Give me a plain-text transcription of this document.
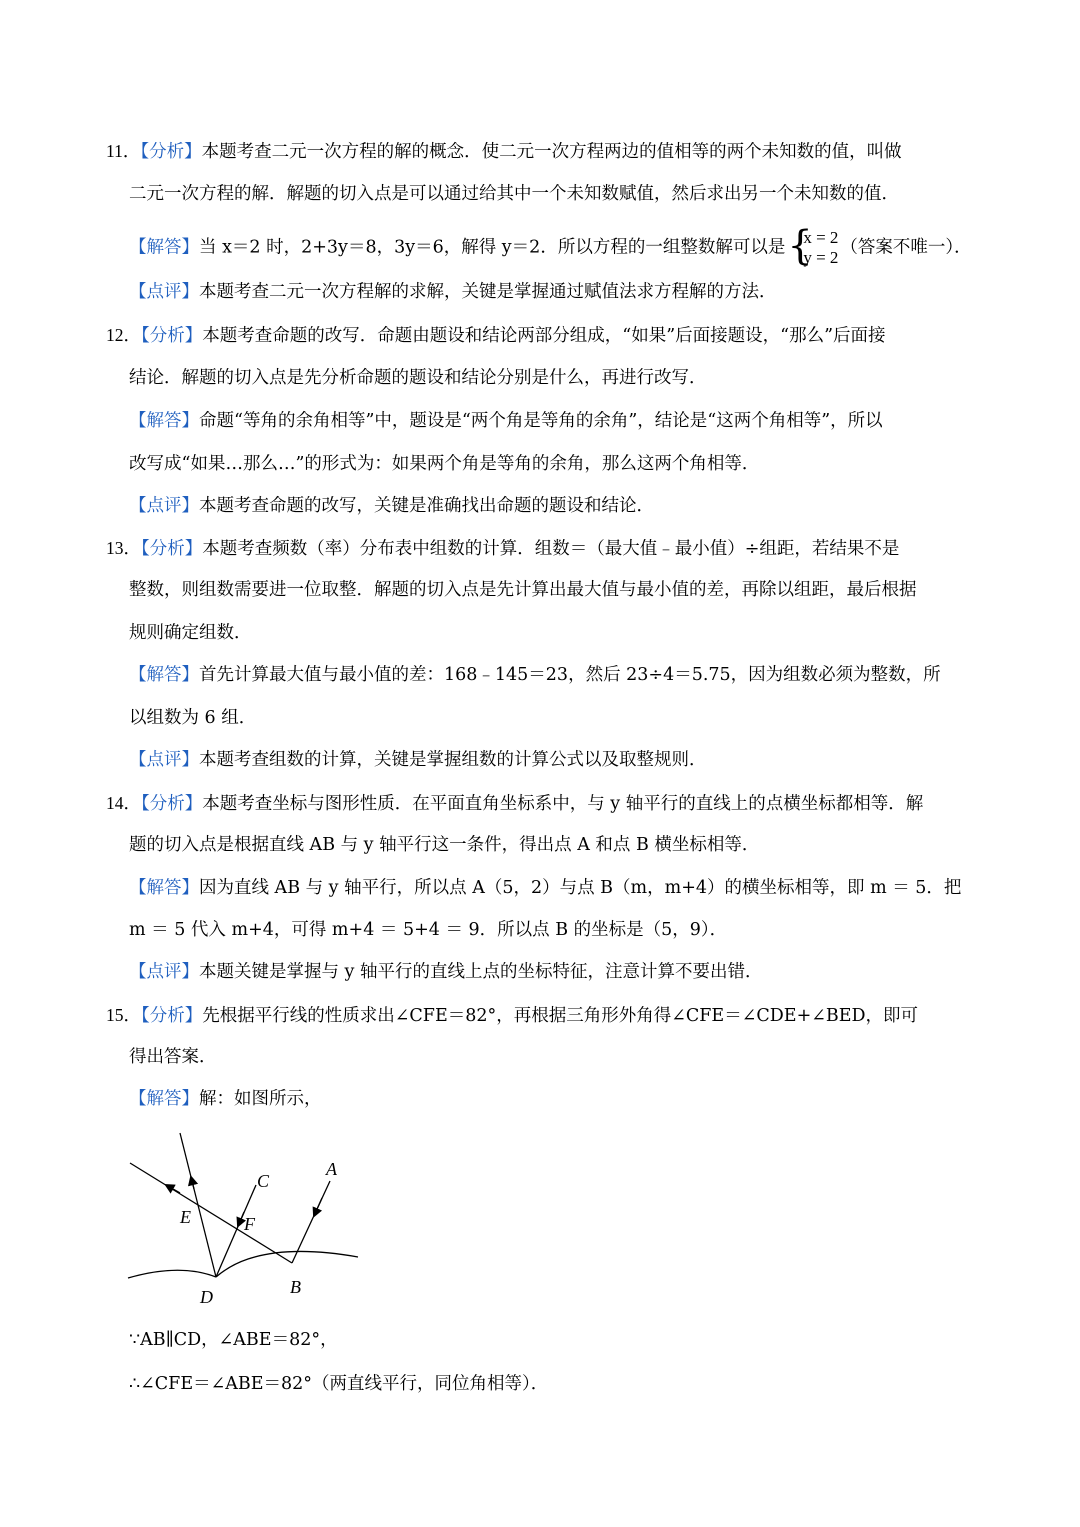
11．【分析】本题考查二元一次方程的解的概念．使二元一次方程两边的值相等的两个未知数的值，叫做
二元一次方程的解．解题的切入点是可以通过给其中一个未知数赋值，然后求出另一个未知数的值．
【解答】当 x＝2 时，2+3y＝8，3y＝6，解得 y＝2．所以方程的一组整数解可以是 {
x = 2
y = 2 （答案不唯一）．
【点评】本题考查二元一次方程解的求解，关键是掌握通过赋值法求方程解的方法．
12．【分析】本题考查命题的改写．命题由题设和结论两部分组成，“如果”后面接题设，“那么”后面接
结论．解题的切入点是先分析命题的题设和结论分别是什么，再进行改写．
【解答】命题“等角的余角相等”中，题设是“两个角是等角的余角”，结论是“这两个角相等”，所以
改写成“如果…那么…”的形式为：如果两个角是等角的余角，那么这两个角相等．
【点评】本题考查命题的改写，关键是准确找出命题的题设和结论．
13．【分析】本题考查频数（率）分布表中组数的计算．组数＝（最大值﹣最小值）÷组距，若结果不是
整数，则组数需要进一位取整．解题的切入点是先计算出最大值与最小值的差，再除以组距，最后根据
规则确定组数．
【解答】首先计算最大值与最小值的差：168﹣145＝23，然后 23÷4＝5.75，因为组数必须为整数，所
以组数为 6 组．
【点评】本题考查组数的计算，关键是掌握组数的计算公式以及取整规则．
14．【分析】本题考查坐标与图形性质．在平面直角坐标系中，与 y 轴平行的直线上的点横坐标都相等．解
题的切入点是根据直线 AB 与 y 轴平行这一条件，得出点 A 和点 B 横坐标相等．
【解答】因为直线 AB 与 y 轴平行，所以点 A（5，2）与点 B（m，m+4）的横坐标相等，即 m ＝ 5．把
m ＝ 5 代入 m+4，可得 m+4 ＝ 5+4 ＝ 9．所以点 B 的坐标是（5，9）．
【点评】本题关键是掌握与 y 轴平行的直线上点的坐标特征，注意计算不要出错．
15．【分析】先根据平行线的性质求出∠CFE＝82°，再根据三角形外角得∠CFE＝∠CDE+∠BED，即可
得出答案．
【解答】解：如图所示，
A
C
E	F
D	B
∵AB∥CD，∠ABE＝82°，
∴∠CFE＝∠ABE＝82°（两直线平行，同位角相等）．
